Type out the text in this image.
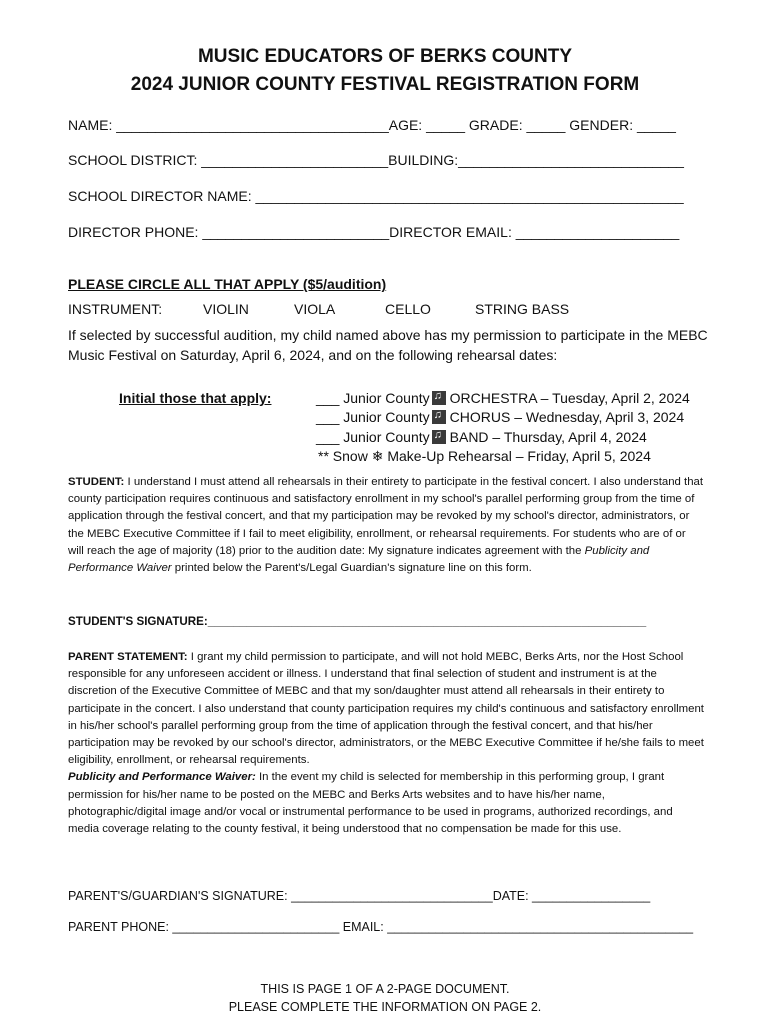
MUSIC EDUCATORS OF BERKS COUNTY
2024 JUNIOR COUNTY FESTIVAL REGISTRATION FORM
NAME: ___________________________________AGE: _____ GRADE: _____ GENDER: _____
SCHOOL DISTRICT: ________________________BUILDING:_____________________________
SCHOOL DIRECTOR NAME: _______________________________________________________
DIRECTOR PHONE: ________________________DIRECTOR EMAIL: _____________________
PLEASE CIRCLE ALL THAT APPLY ($5/audition)
INSTRUMENT:	VIOLIN	VIOLA	CELLO	STRING BASS
If selected by successful audition, my child named above has my permission to participate in the MEBC
Music Festival on Saturday, April 6, 2024, and on the following rehearsal dates:
Initial those that apply:	___ Junior County ♫ ORCHESTRA – Tuesday, April 2, 2024
___ Junior County ♫ CHORUS – Wednesday, April 3, 2024
___ Junior County ♫ BAND – Thursday, April 4, 2024
** Snow ❄ Make-Up Rehearsal – Friday, April 5, 2024
STUDENT: I understand I must attend all rehearsals in their entirety to participate in the festival concert. I also understand that county participation requires continuous and satisfactory enrollment in my school's parallel performing group from the time of application through the festival concert, and that my participation may be revoked by my school's director, administrators, or the MEBC Executive Committee if I fail to meet eligibility, enrollment, or rehearsal requirements. For students who are of or will reach the age of majority (18) prior to the audition date: My signature indicates agreement with the Publicity and Performance Waiver printed below the Parent's/Legal Guardian's signature line on this form.
STUDENT'S SIGNATURE:____________________________________________________________________
PARENT STATEMENT: I grant my child permission to participate, and will not hold MEBC, Berks Arts, nor the Host School responsible for any unforeseen accident or illness. I understand that final selection of student and instrument is at the discretion of the Executive Committee of MEBC and that my son/daughter must attend all rehearsals in their entirety to participate in the concert. I also understand that county participation requires my child's continuous and satisfactory enrollment in his/her school's parallel performing group from the time of application through the festival concert, and that his/her participation may be revoked by our school's director, administrators, or the MEBC Executive Committee if he/she fails to meet eligibility, enrollment, or rehearsal requirements.
Publicity and Performance Waiver: In the event my child is selected for membership in this performing group, I grant permission for his/her name to be posted on the MEBC and Berks Arts websites and to have his/her name, photographic/digital image and/or vocal or instrumental performance to be used in programs, authorized recordings, and media coverage relating to the county festival, it being understood that no compensation be made for this use.
PARENT'S/GUARDIAN'S SIGNATURE: _____________________________DATE: _________________
PARENT PHONE: ________________________ EMAIL: ____________________________________________
THIS IS PAGE 1 OF A 2-PAGE DOCUMENT.
PLEASE COMPLETE THE INFORMATION ON PAGE 2.
